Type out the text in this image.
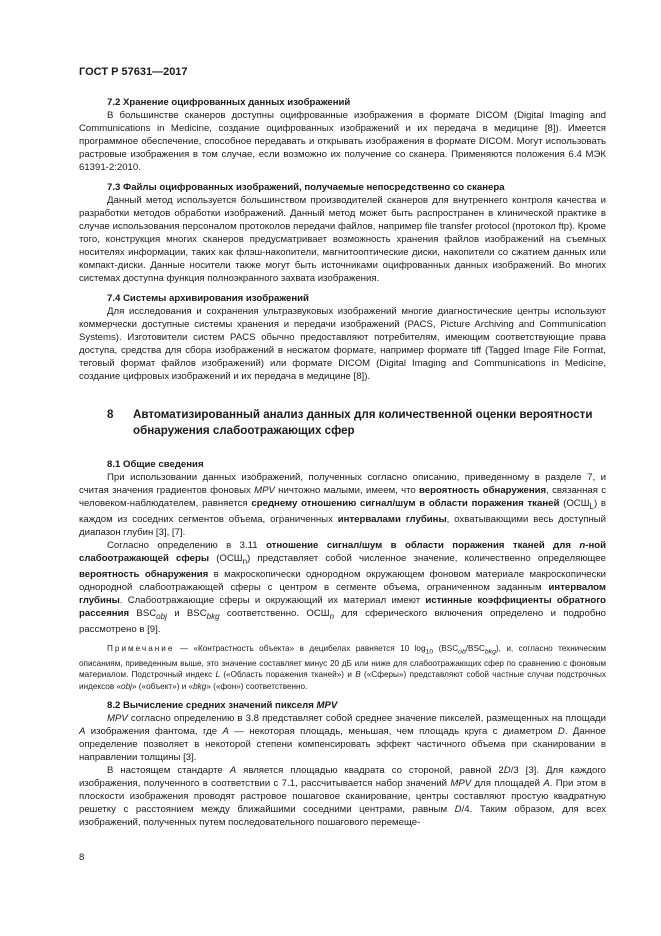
ГОСТ Р 57631—2017
7.2 Хранение оцифрованных данных изображений

В большинстве сканеров доступны оцифрованные изображения в формате DICOM (Digital Imaging and Communications in Medicine, создание оцифрованных изображений и их передача в медицине [8]). Имеется программное обеспечение, способное передавать и открывать изображения в формате DICOM. Могут использовать растровые изображения в том случае, если возможно их получение со сканера. Применяются положения 6.4 МЭК 61391-2:2010.

7.3 Файлы оцифрованных изображений, получаемые непосредственно со сканера

Данный метод используется большинством производителей сканеров для внутреннего контроля качества и разработки методов обработки изображений. Данный метод может быть распространен в клинической практике в случае использования персоналом протоколов передачи файлов, например file transfer protocol (протокол ftp). Кроме того, конструкция многих сканеров предусматривает возможность хранения файлов изображений на съемных носителях информации, таких как флэш-накопители, магнитооптические диски, накопители со сжатием данных или компакт-диски. Данные носители также могут быть источниками оцифрованных данных изображений. Во многих системах доступна функция полноэкранного захвата изображения.

7.4 Системы архивирования изображений

Для исследования и сохранения ультразвуковых изображений многие диагностические центры используют коммерчески доступные системы хранения и передачи изображений (PACS, Picture Archiving and Communication Systems). Изготовители систем PACS обычно предоставляют потребителям, имеющим соответствующие права доступа, средства для сбора изображений в несжатом формате, например формате tiff (Tagged Image File Format, теговый формат файлов изображений) или формате DICOM (Digital Imaging and Communications in Medicine, создание цифровых изображений и их передача в медицине [8]).

8	Автоматизированный анализ данных для количественной оценки вероятности обнаружения слабоотражающих сфер
8.1 Общие сведения

При использовании данных изображений, полученных согласно описанию, приведенному в разделе 7, и считая значения градиентов фоновых MPV ничтожно малыми, имеем, что вероятность обнаружения, связанная с человеком-наблюдателем, равняется среднему отношению сигнал/шум в области поражения тканей $(ОСШ_L)$ в каждом из соседних сегментов объема, ограниченных интервалами глубины, охватывающими весь доступный диапазон глубин [3], [7].

Согласно определению в 3.11 отношение сигнал/шум в области поражения тканей для n-ной слабоотражающей сферы $(ОСШ_n)$ представляет собой численное значение, количественно определяющее вероятность обнаружения в макроскопически однородном окружающем фоновом материале макроскопически однородной слабоотражающей сферы с центром в сегменте объема, ограниченном заданным интервалом глубины. Слабоотражающие сферы и окружающий их материал имеют истинные коэффициенты обратного рассеяния $BSC_{obj}$ и $BSC_{bkg}$ соответственно. $ОСШ_n$ для сферического включения определено и подробно рассмотрено в [9].

Примечание — «Контрастность объекта» в децибелах равняется 10 $\log_{10} (BSC_{ob}/BSC_{bkg})$, и, согласно техническим описаниям, приведенным выше, это значение составляет минус 20 дБ или ниже для слабоотражающих сфер по сравнению с фоновым материалом. Подстрочный индекс L («Область поражения тканей») и B («Сферы») представляют собой частные случаи подстрочных индексов «obj» («объект») и «bkg» («фон») соответственно.

8.2 Вычисление средних значений пикселя MPV

MPV согласно определению в 3.8 представляет собой среднее значение пикселей, размещенных на площади A изображения фантома, где A — некоторая площадь, меньшая, чем площадь круга с диаметром D. Данное определение позволяет в некоторой степени компенсировать эффект частичного объема при сканировании в направлении толщины [3].

В настоящем стандарте A является площадью квадрата со стороной, равной 2D/3 [3]. Для каждого изображения, полученного в соответствии с 7.1, рассчитывается набор значений MPV для площадей A. При этом в плоскости изображения проводят растровое пошаговое сканирование, центры составляют простую квадратную решетку с расстоянием между ближайшими соседними центрами, равным D/4. Таким образом, для всех изображений, полученных путем последовательного пошагового перемеще-

8
